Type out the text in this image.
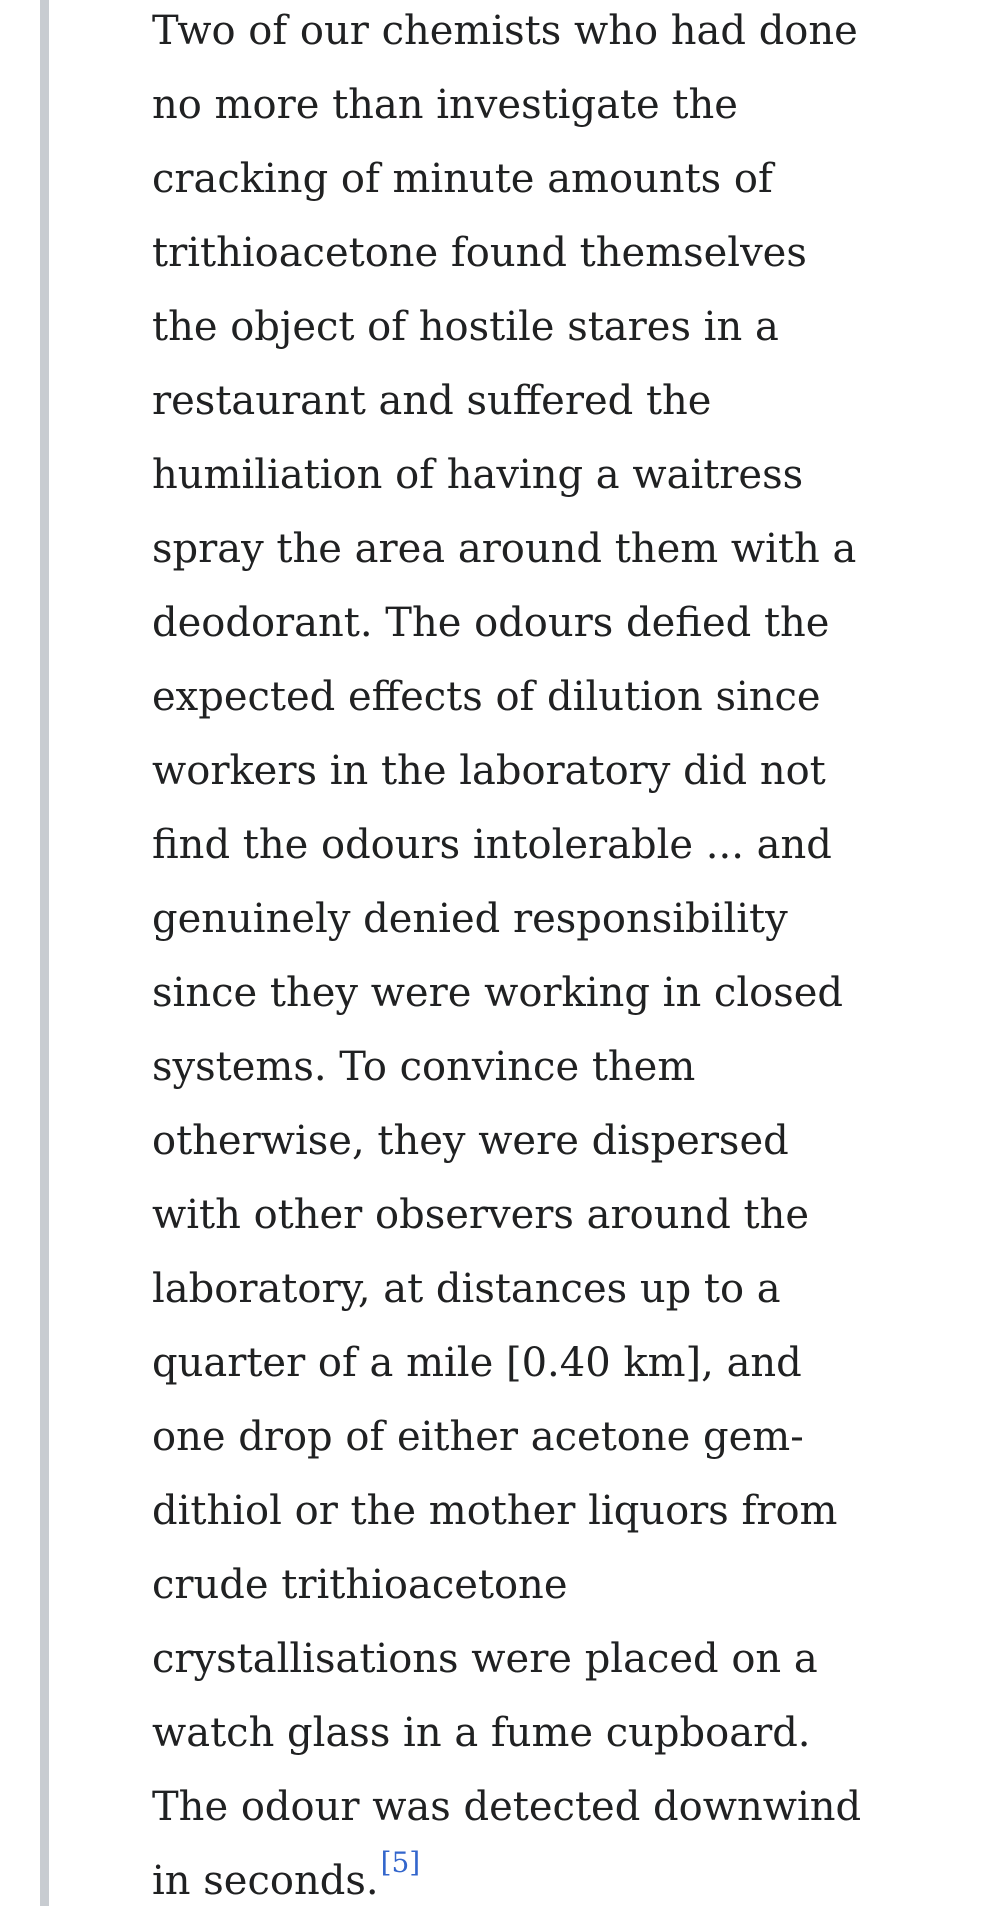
Two of our chemists who had done
no more than investigate the
cracking of minute amounts of
trithioacetone found themselves
the object of hostile stares in a
restaurant and suffered the
humiliation of having a waitress
spray the area around them with a
deodorant. The odours defied the
expected effects of dilution since
workers in the laboratory did not
find the odours intolerable ... and
genuinely denied responsibility
since they were working in closed
systems. To convince them
otherwise, they were dispersed
with other observers around the
laboratory, at distances up to a
quarter of a mile [0.40 km], and
one drop of either acetone gem-
dithiol or the mother liquors from
crude trithioacetone
crystallisations were placed on a
watch glass in a fume cupboard.
The odour was detected downwind
in seconds.[5]
